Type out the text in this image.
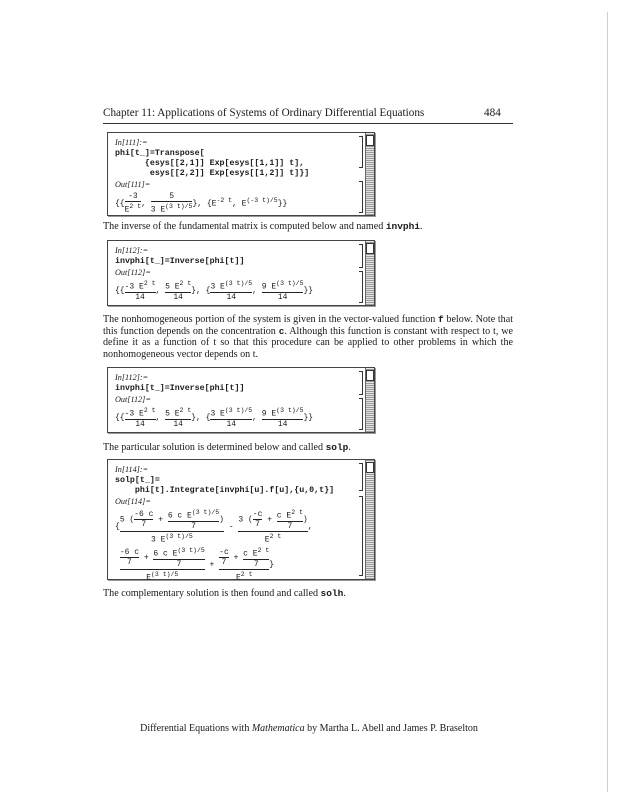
Chapter 11: Applications of Systems of Ordinary Differential Equations	484
In[111]:=
phi[t_]=Transpose[
{esys[[2,1]] Exp[esys[[1,1]] t],
esys[[2,2]] Exp[esys[[1,2]] t]}]
Out[111]=
{{ $\frac{-3}{E^{2 t}}$ , $\frac{5}{3 E^{(3 t)/5}}$ }, {$E^{-2 t}$, $E^{(-3 t)/5}$}}
The inverse of the fundamental matrix is computed below and named invphi.
In[112]:=
invphi[t_]=Inverse[phi[t]]
Out[112]=
{{ $\frac{-3 E^{2 t}}{14}$ , $\frac{5 E^{2 t}}{14}$ }, { $\frac{3 E^{(3 t)/5}}{14}$ , $\frac{9 E^{(3 t)/5}}{14}$ }}
The nonhomogeneous portion of the system is given in the vector-valued function f below. Note that this function depends on the concentration c. Although this function is constant with respect to t, we define it as a function of t so that this procedure can be applied to other problems in which the nonhomogeneous vector depends on t.
In[112]:=
invphi[t_]=Inverse[phi[t]]
Out[112]=
{{ $\frac{-3 E^{2 t}}{14}$ , $\frac{5 E^{2 t}}{14}$ }, { $\frac{3 E^{(3 t)/5}}{14}$ , $\frac{9 E^{(3 t)/5}}{14}$ }}
The particular solution is determined below and called solp.
In[114]:=
solp[t_]=
phi[t].Integrate[invphi[u].f[u],{u,0,t}]
Out[114]=
{ $\frac{5 ( \frac{-6 c}{7} + \frac{6 c E^{(3 t)/5}}{7} )}{3 E^{(3 t)/5}} - \frac{3 ( \frac{-c}{7} + \frac{c E^{2 t}}{7} )}{E^{2 t}}$ ,

$\frac{\frac{-6 c}{7} + \frac{6 c E^{(3 t)/5}}{7}}{E^{(3 t)/5}} + \frac{\frac{-c}{7} + \frac{c E^{2 t}}{7}}{E^{2 t}}$ }
The complementary solution is then found and called solh.
Differential Equations with Mathematica by Martha L. Abell and James P. Braselton
